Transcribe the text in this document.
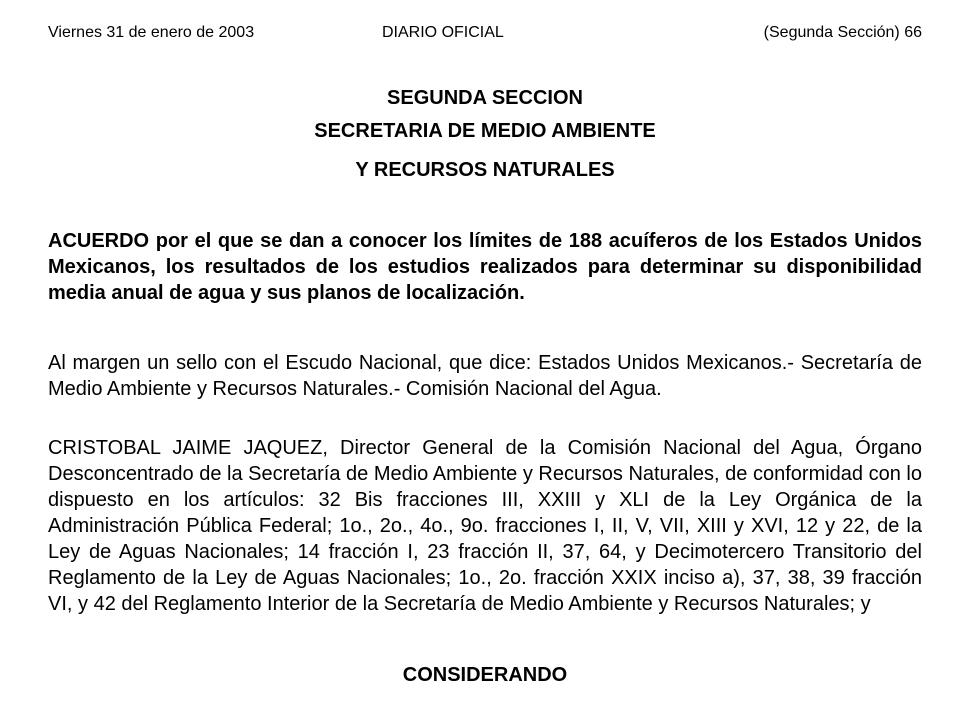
Viernes 31 de enero de 2003	DIARIO OFICIAL	(Segunda Sección) 66
SEGUNDA SECCION
SECRETARIA DE MEDIO AMBIENTE
Y RECURSOS NATURALES

ACUERDO por el que se dan a conocer los límites de 188 acuíferos de los Estados Unidos Mexicanos, los resultados de los estudios realizados para determinar su disponibilidad media anual de agua y sus planos de localización.

Al margen un sello con el Escudo Nacional, que dice: Estados Unidos Mexicanos.- Secretaría de Medio Ambiente y Recursos Naturales.- Comisión Nacional del Agua.

CRISTOBAL JAIME JAQUEZ, Director General de la Comisión Nacional del Agua, Órgano Desconcentrado de la Secretaría de Medio Ambiente y Recursos Naturales, de conformidad con lo dispuesto en los artículos: 32 Bis fracciones III, XXIII y XLI de la Ley Orgánica de la Administración Pública Federal; 1o., 2o., 4o., 9o. fracciones I, II, V, VII, XIII y XVI, 12 y 22, de la Ley de Aguas Nacionales; 14 fracción I, 23 fracción II, 37, 64, y Decimotercero Transitorio del Reglamento de la Ley de Aguas Nacionales; 1o., 2o. fracción XXIX inciso a), 37, 38, 39 fracción VI, y 42 del Reglamento Interior de la Secretaría de Medio Ambiente y Recursos Naturales; y

CONSIDERANDO
